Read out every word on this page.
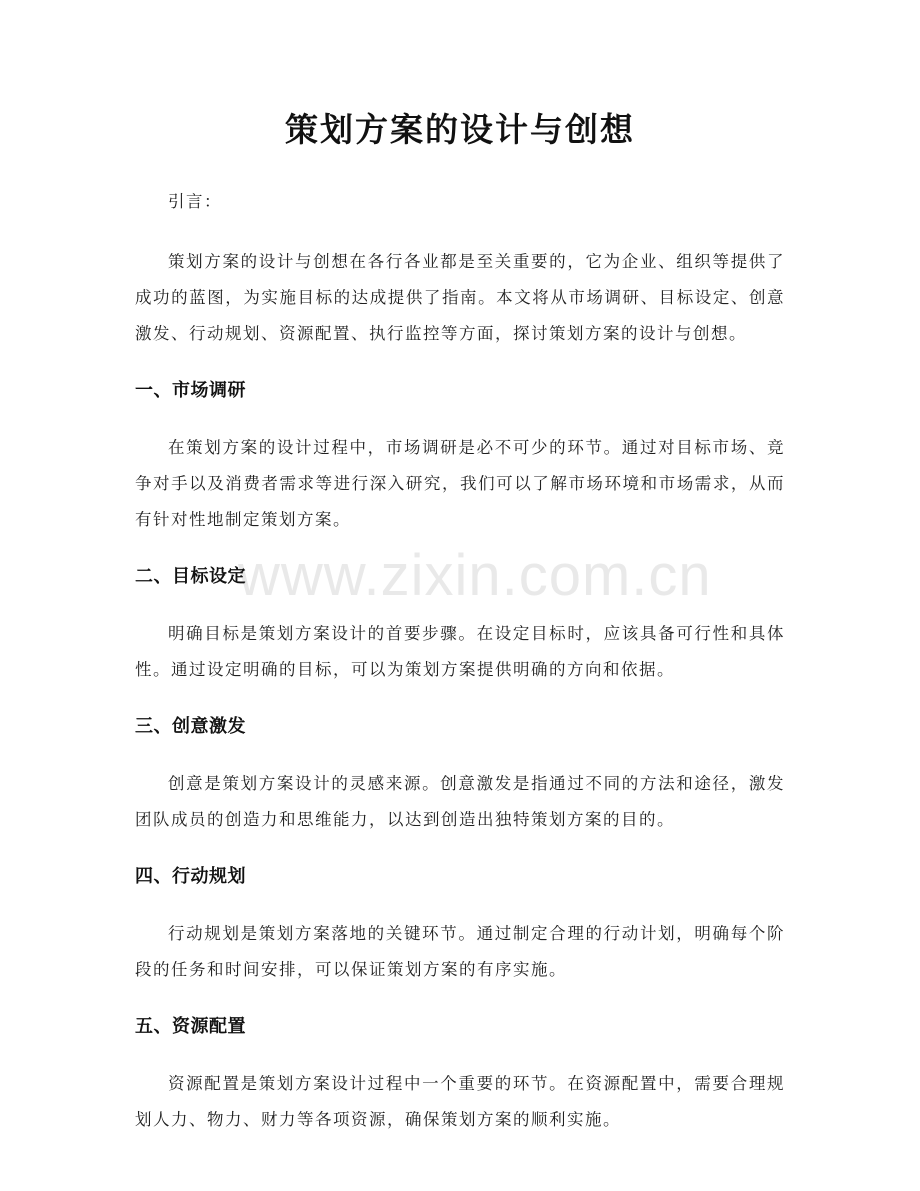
www.zixin.com.cn
策划方案的设计与创想

引言：

策划方案的设计与创想在各行各业都是至关重要的，它为企业、组织等提供了成功的蓝图，为实施目标的达成提供了指南。本文将从市场调研、目标设定、创意激发、行动规划、资源配置、执行监控等方面，探讨策划方案的设计与创想。

一、市场调研

在策划方案的设计过程中，市场调研是必不可少的环节。通过对目标市场、竞争对手以及消费者需求等进行深入研究，我们可以了解市场环境和市场需求，从而有针对性地制定策划方案。

二、目标设定

明确目标是策划方案设计的首要步骤。在设定目标时，应该具备可行性和具体性。通过设定明确的目标，可以为策划方案提供明确的方向和依据。

三、创意激发

创意是策划方案设计的灵感来源。创意激发是指通过不同的方法和途径，激发团队成员的创造力和思维能力，以达到创造出独特策划方案的目的。

四、行动规划

行动规划是策划方案落地的关键环节。通过制定合理的行动计划，明确每个阶段的任务和时间安排，可以保证策划方案的有序实施。

五、资源配置

资源配置是策划方案设计过程中一个重要的环节。在资源配置中，需要合理规划人力、物力、财力等各项资源，确保策划方案的顺利实施。
